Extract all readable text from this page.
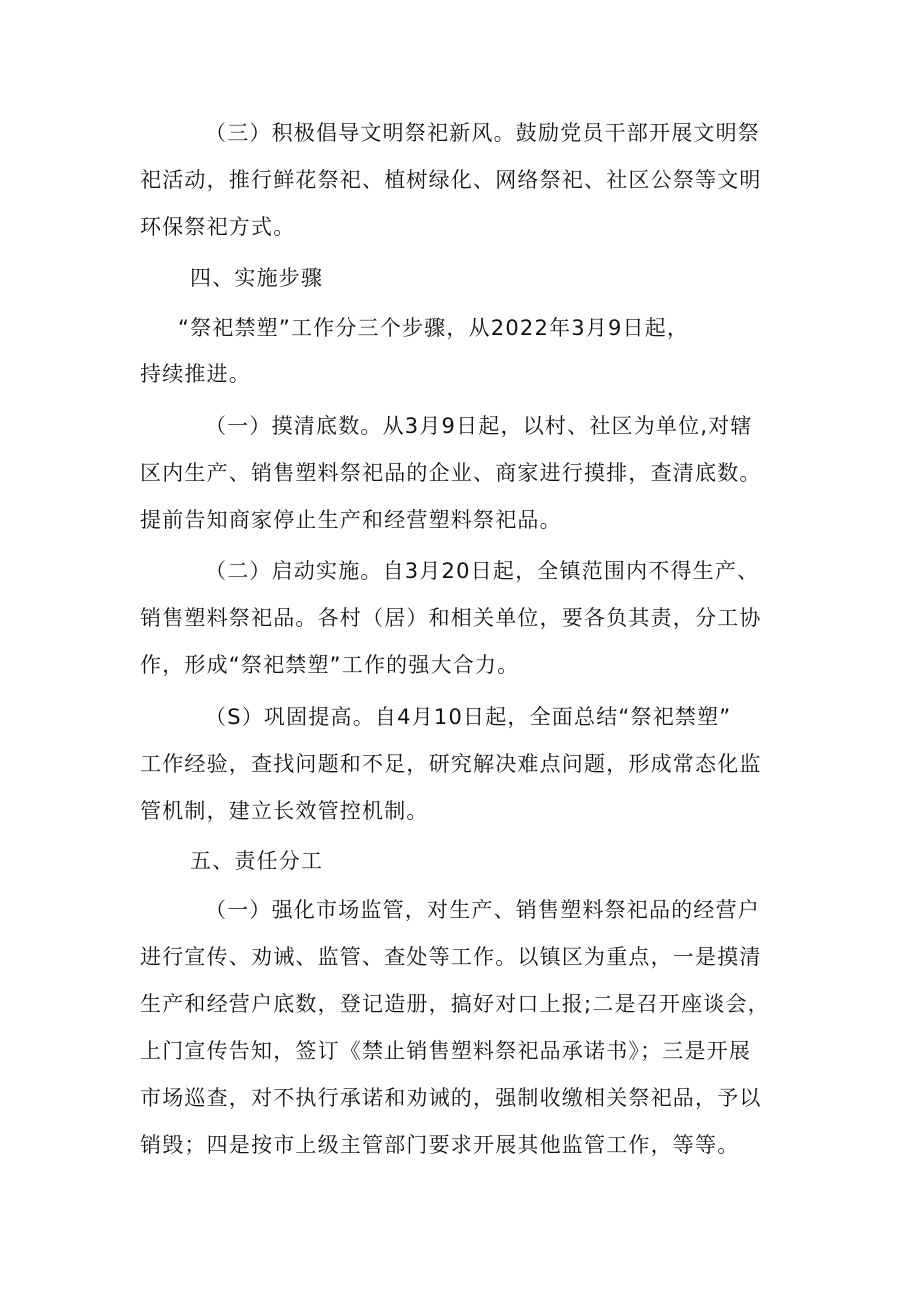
（三）积极倡导文明祭祀新风。鼓励党员干部开展文明祭
祀活动，推行鲜花祭祀、植树绿化、网络祭祀、社区公祭等文明
环保祭祀方式。
四、实施步骤
“祭祀禁塑”工作分三个步骤，从2022年3月9日起，
持续推进。
（一）摸清底数。从3月9日起，以村、社区为单位,对辖
区内生产、销售塑料祭祀品的企业、商家进行摸排，查清底数。
提前告知商家停止生产和经营塑料祭祀品。
（二）启动实施。自3月20日起，全镇范围内不得生产、
销售塑料祭祀品。各村（居）和相关单位，要各负其责，分工协
作，形成“祭祀禁塑”工作的强大合力。
（S）巩固提高。自4月10日起，全面总结“祭祀禁塑”
工作经验，查找问题和不足，研究解决难点问题，形成常态化监
管机制，建立长效管控机制。
五、责任分工
（一）强化市场监管，对生产、销售塑料祭祀品的经营户
进行宣传、劝诫、监管、查处等工作。以镇区为重点，一是摸清
生产和经营户底数，登记造册，搞好对口上报;二是召开座谈会，
上门宣传告知，签订《禁止销售塑料祭祀品承诺书》；三是开展
市场巡查，对不执行承诺和劝诫的，强制收缴相关祭祀品，予以
销毁；四是按市上级主管部门要求开展其他监管工作，等等。
